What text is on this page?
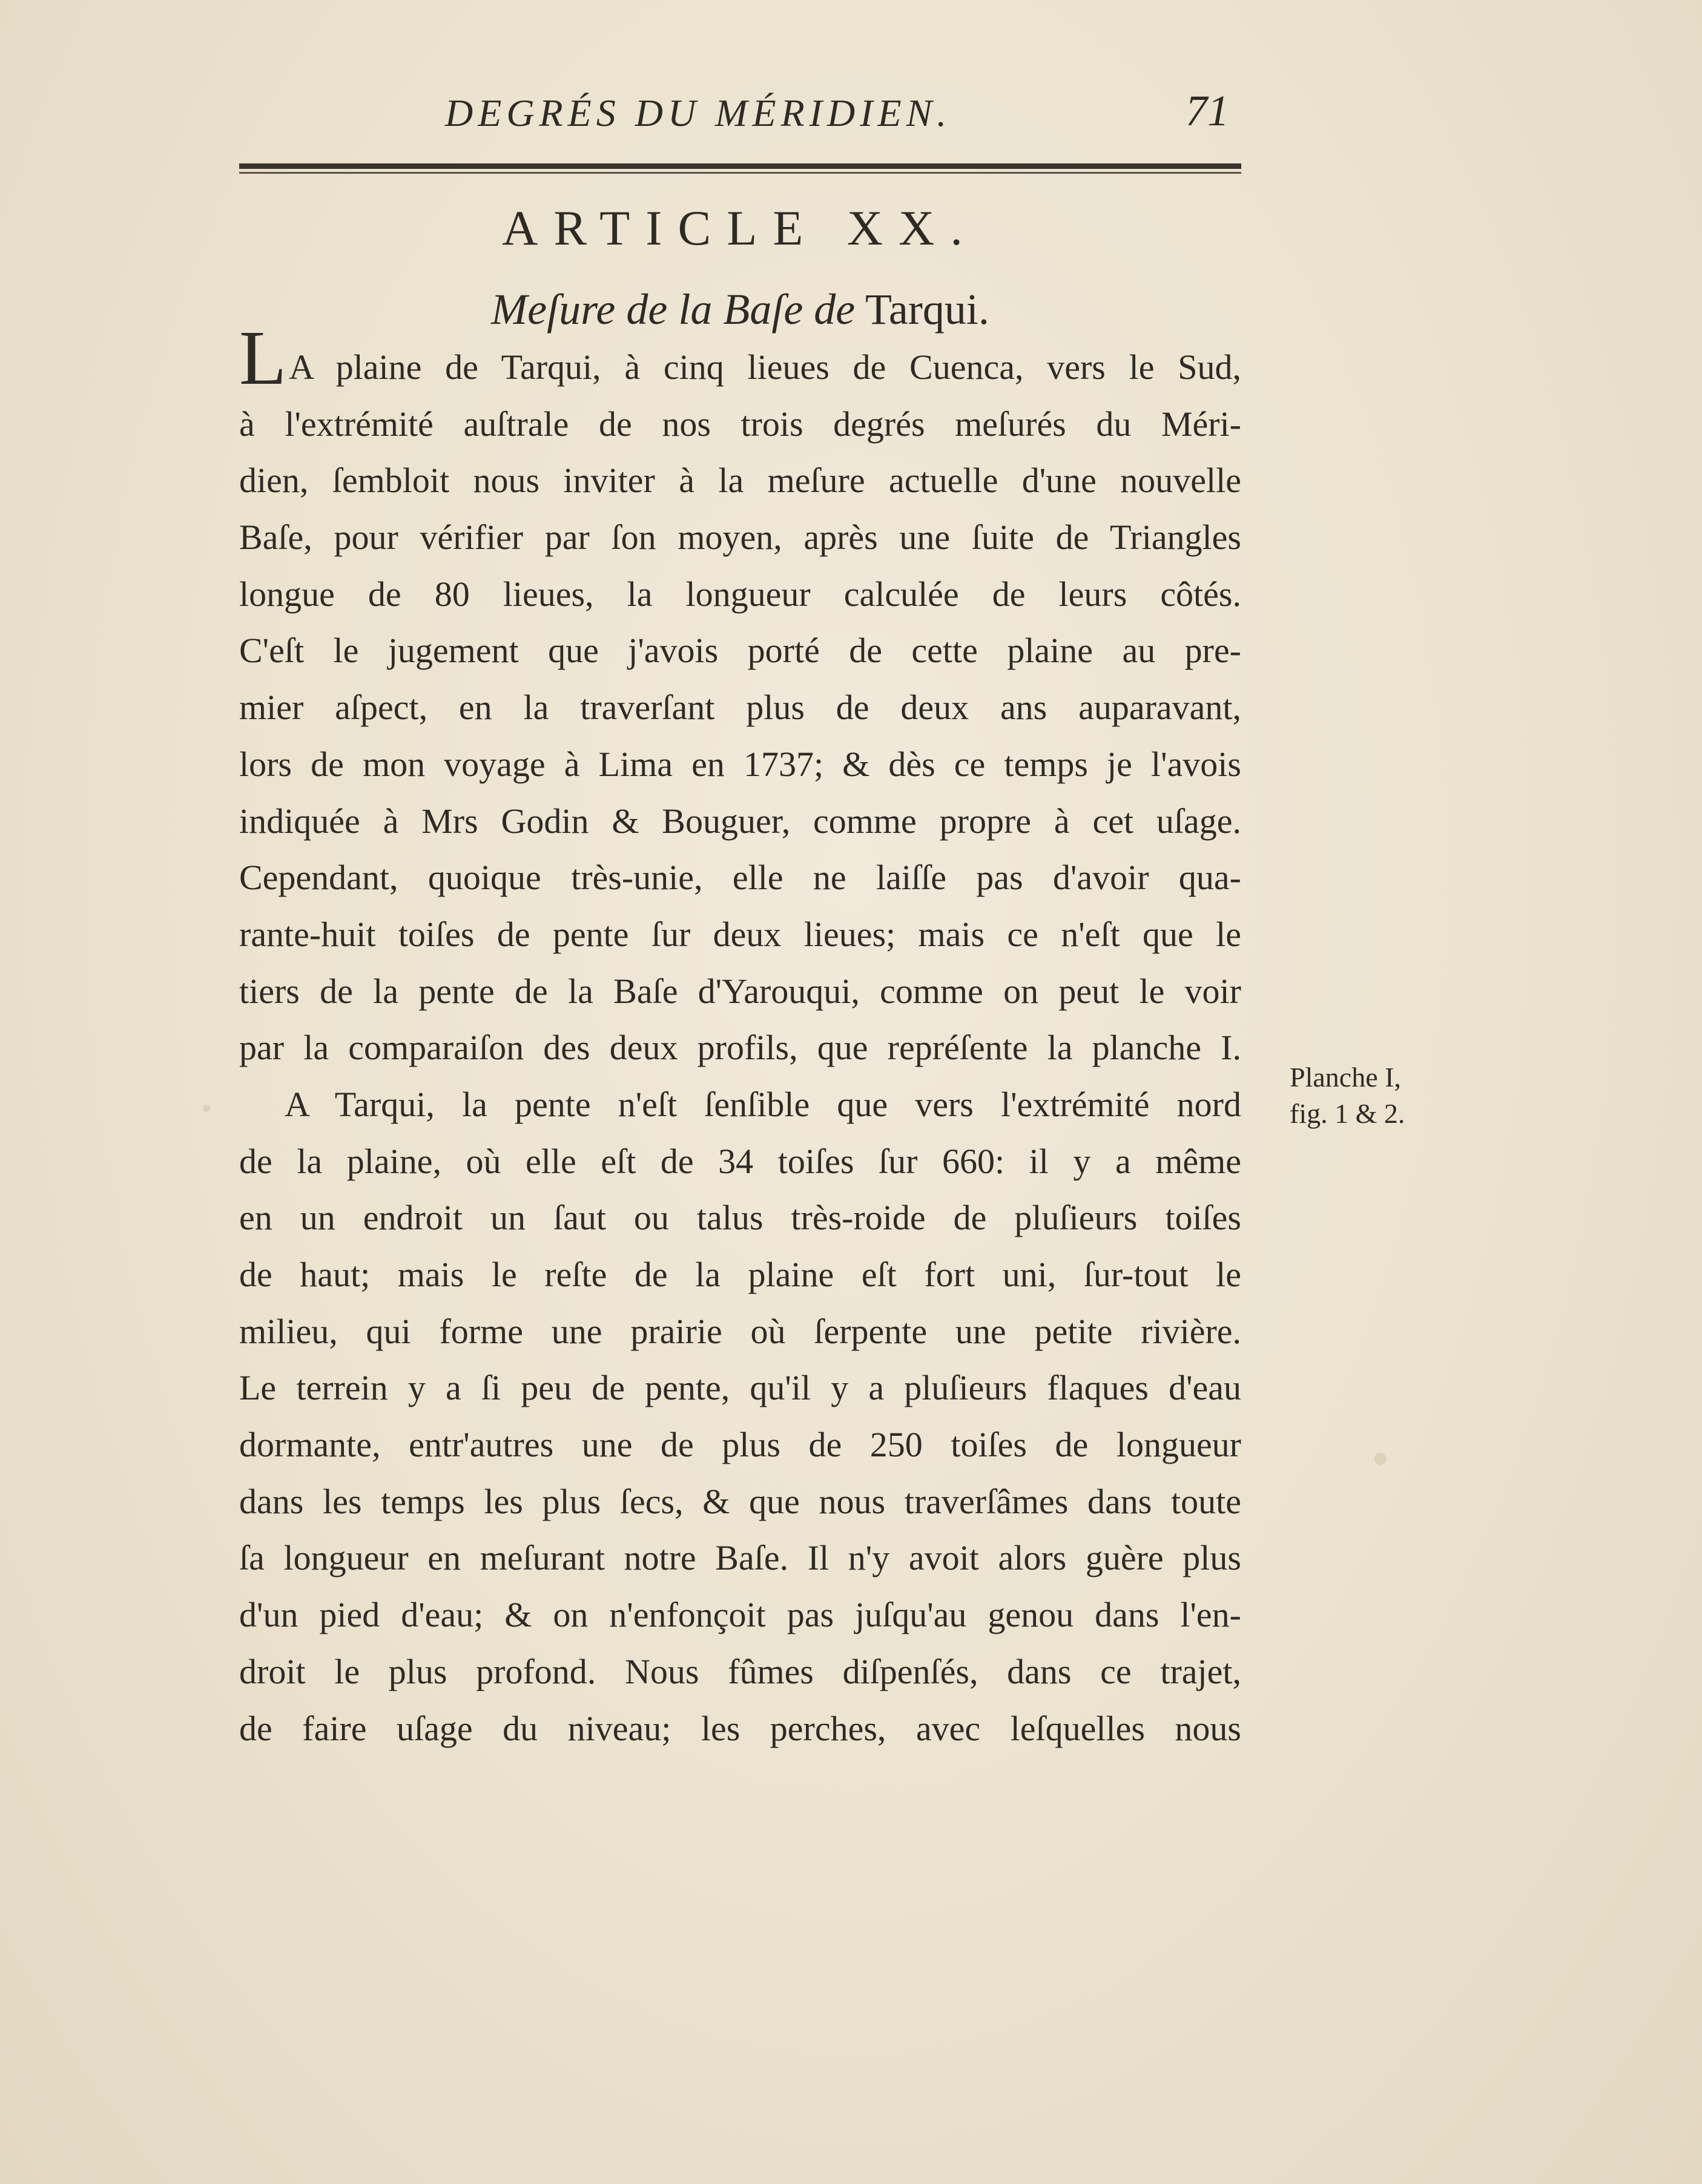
DEGRÉS DU MÉRIDIEN.	71
ARTICLE XX.
Meſure de la Baſe de Tarqui.
LA plaine de Tarqui, à cinq lieues de Cuenca, vers le Sud,
à l'extrémité auſtrale de nos trois degrés meſurés du Méri-
dien, ſembloit nous inviter à la meſure actuelle d'une nouvelle
Baſe, pour vérifier par ſon moyen, après une ſuite de Triangles
longue de 80 lieues, la longueur calculée de leurs côtés.
C'eſt le jugement que j'avois porté de cette plaine au pre-
mier aſpect, en la traverſant plus de deux ans auparavant,
lors de mon voyage à Lima en 1737; & dès ce temps je l'avois
indiquée à Mrs Godin & Bouguer, comme propre à cet uſage.
Cependant, quoique très-unie, elle ne laiſſe pas d'avoir qua-
rante-huit toiſes de pente ſur deux lieues; mais ce n'eſt que le
tiers de la pente de la Baſe d'Yarouqui, comme on peut le voir
par la comparaiſon des deux profils, que repréſente la planche I.
A Tarqui, la pente n'eſt ſenſible que vers l'extrémité nord
de la plaine, où elle eſt de 34 toiſes ſur 660: il y a même
en un endroit un ſaut ou talus très-roide de pluſieurs toiſes
de haut; mais le reſte de la plaine eſt fort uni, ſur-tout le
milieu, qui forme une prairie où ſerpente une petite rivière.
Le terrein y a ſi peu de pente, qu'il y a pluſieurs flaques d'eau
dormante, entr'autres une de plus de 250 toiſes de longueur
dans les temps les plus ſecs, & que nous traverſâmes dans toute
ſa longueur en meſurant notre Baſe. Il n'y avoit alors guère plus
d'un pied d'eau; & on n'enfonçoit pas juſqu'au genou dans l'en-
droit le plus profond. Nous fûmes diſpenſés, dans ce trajet,
de faire uſage du niveau; les perches, avec leſquelles nous
Planche I,
fig. 1 & 2.
